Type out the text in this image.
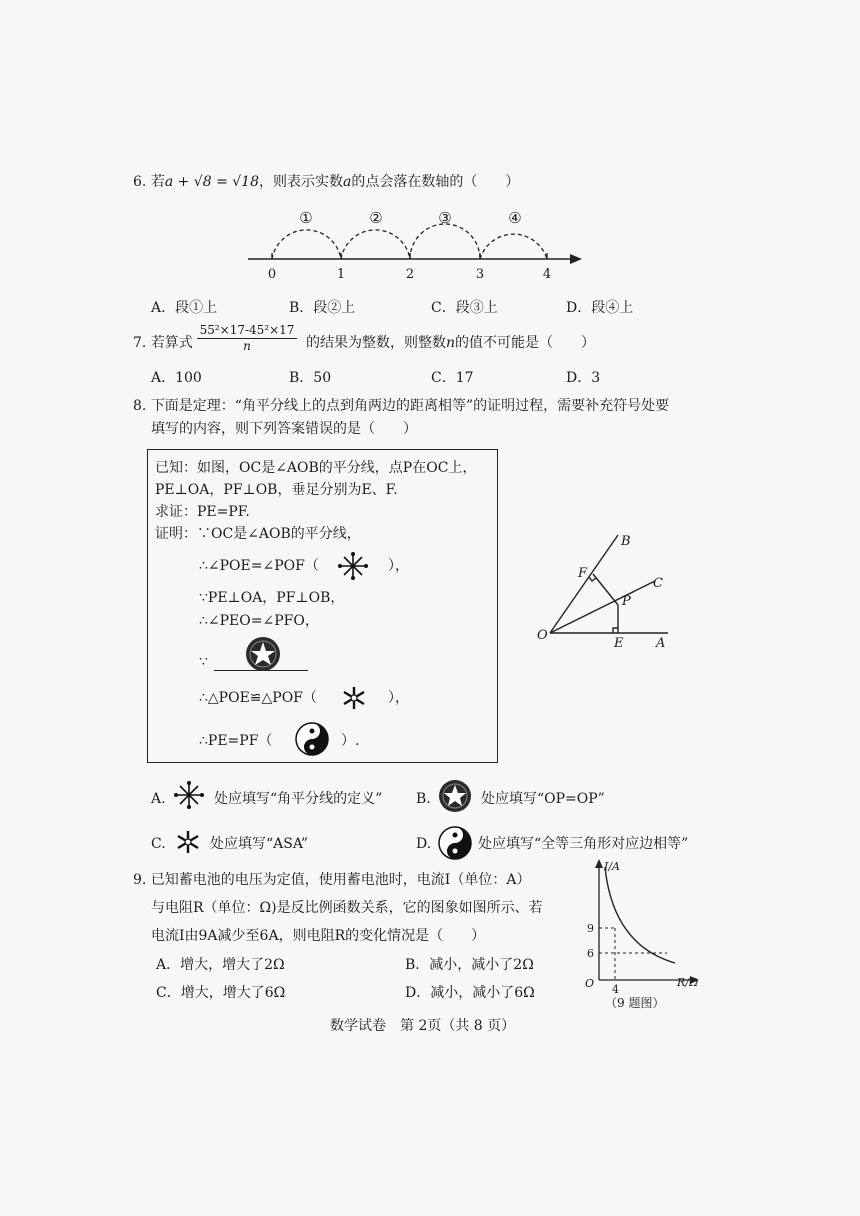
6. 若a + √8 = √18，则表示实数a的点会落在数轴的（　　）
①	②	③	④
0	1	2	3	4
A．段①上	B．段②上	C．段③上	D．段④上
7. 若算式 $\frac{\text{55²×17-45²×17}}{n}$ 的结果为整数，则整数n的值不可能是（　　）
A．100	B．50	C．17	D．3
8. 下面是定理：“角平分线上的点到角两边的距离相等”的证明过程，需要补充符号处要
填写的内容，则下列答案错误的是（　　）
已知：如图，OC是∠AOB的平分线，点P在OC上，
PE⊥OA，PF⊥OB，垂足分别为E、F.
求证：PE=PF.
证明：∵OC是∠AOB的平分线，
∴∠POE=∠POF（	），
∵PE⊥OA，PF⊥OB，
∴∠PEO=∠PFO，
∵
∴△POE≌△POF（	），
∴PE=PF（	）.
B
F
C
P
O
E	A
A.	处应填写“角平分线的定义” B.	处应填写“OP=OP”
C.	处应填写“ASA”	D.	处应填写“全等三角形对应边相等”
9. 已知蓄电池的电压为定值，使用蓄电池时，电流I（单位：A）
与电阻R（单位：Ω)是反比例函数关系，它的图象如图所示、若
电流I由9A减少至6A，则电阻R的变化情况是（　　）
A．增大，增大了2Ω	B．减小，减小了2Ω
C．增大，增大了6Ω	D．减小，减小了6Ω
I/A
R/Ω
O
9
6
4
（9 题图）
数学试卷　第 2页（共 8 页）
